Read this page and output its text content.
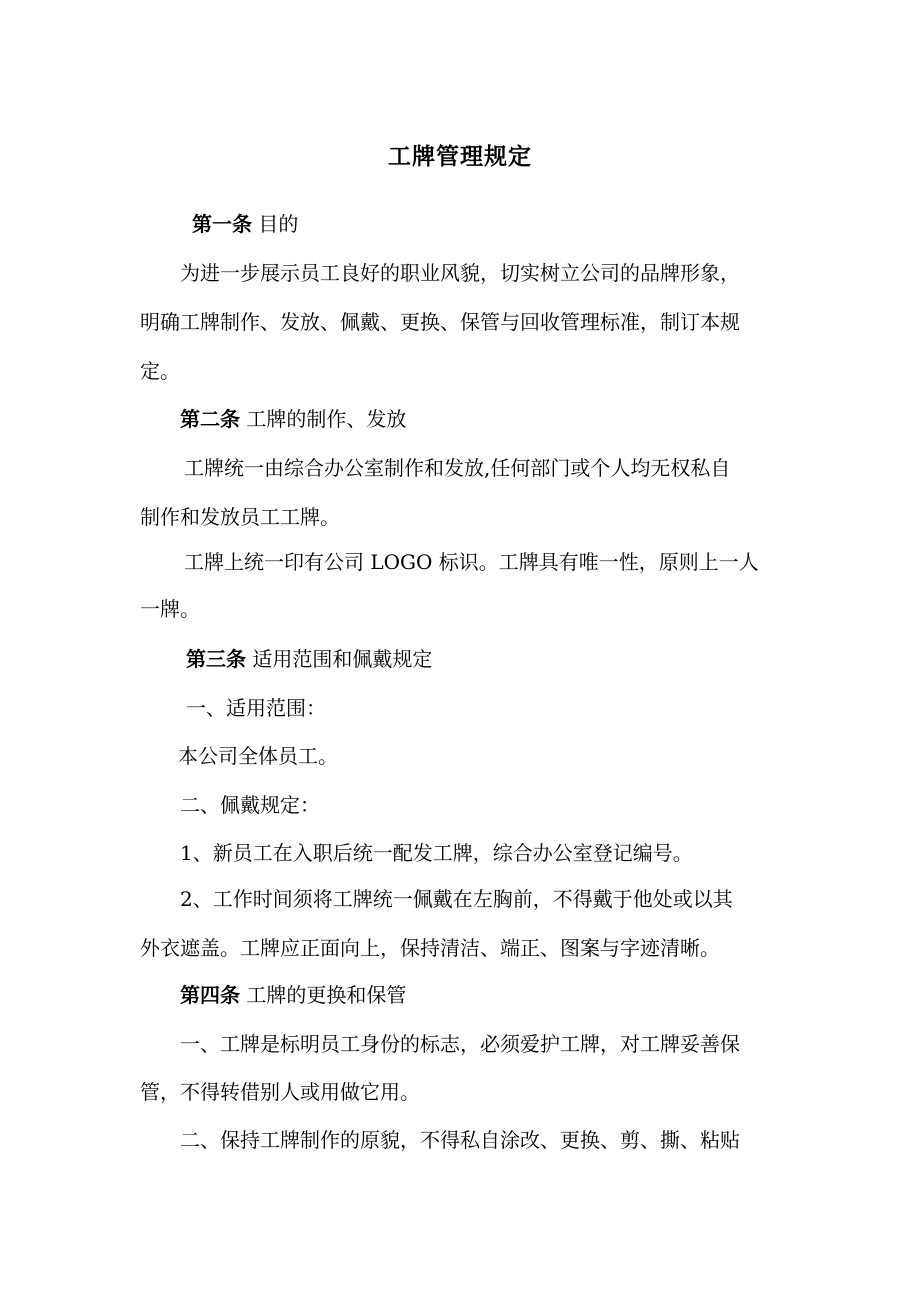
工牌管理规定
第一条 目的
为进一步展示员工良好的职业风貌，切实树立公司的品牌形象，
明确工牌制作、发放、佩戴、更换、保管与回收管理标准，制订本规
定。
第二条 工牌的制作、发放
工牌统一由综合办公室制作和发放,任何部门或个人均无权私自
制作和发放员工工牌。
工牌上统一印有公司 LOGO 标识。工牌具有唯一性，原则上一人
一牌。
第三条 适用范围和佩戴规定
一、适用范围：
本公司全体员工。
二、佩戴规定：
1、新员工在入职后统一配发工牌，综合办公室登记编号。
2、工作时间须将工牌统一佩戴在左胸前，不得戴于他处或以其
外衣遮盖。工牌应正面向上，保持清洁、端正、图案与字迹清晰。
第四条 工牌的更换和保管
一、工牌是标明员工身份的标志，必须爱护工牌，对工牌妥善保
管，不得转借别人或用做它用。
二、保持工牌制作的原貌，不得私自涂改、更换、剪、撕、粘贴
